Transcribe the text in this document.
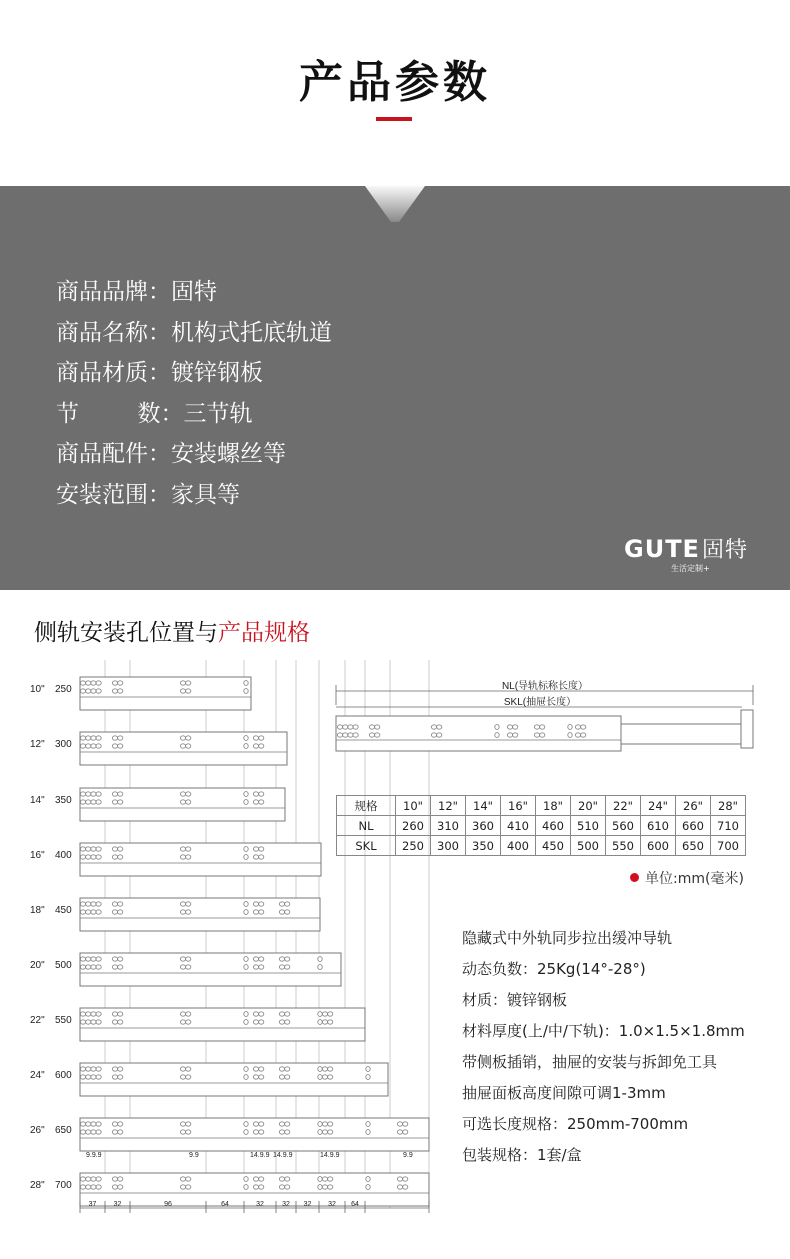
产品参数
商品品牌：固特
商品名称：机构式托底轨道
商品材质：镀锌钢板
节        数：三节轨
商品配件：安装螺丝等
安装范围：家具等
GUTE固特
生活定制+
侧轨安装孔位置与产品规格
10" 250
12" 300
14" 350
16" 400
18" 450
20" 500
22" 550
24" 600
26" 650
28" 700
9.9.9	9.9	14.9.9 14.9.9	14.9.9	9.9
37 32	96	64	32	32 32 32 64
NL(导轨标称长度）
SKL(抽屉长度）
规格	10"	12"	14"	16"	18"	20"	22"	24"	26"	28"
NL	260	310	360	410	460	510	560	610	660	710
SKL	250	300	350	400	450	500	550	600	650	700
单位:mm(毫米)
隐藏式中外轨同步拉出缓冲导轨
动态负数：25Kg(14°-28°)
材质：镀锌钢板
材料厚度(上/中/下轨)：1.0×1.5×1.8mm
带侧板插销，抽屉的安装与拆卸免工具
抽屉面板高度间隙可调1-3mm
可选长度规格：250mm-700mm
包装规格：1套/盒
